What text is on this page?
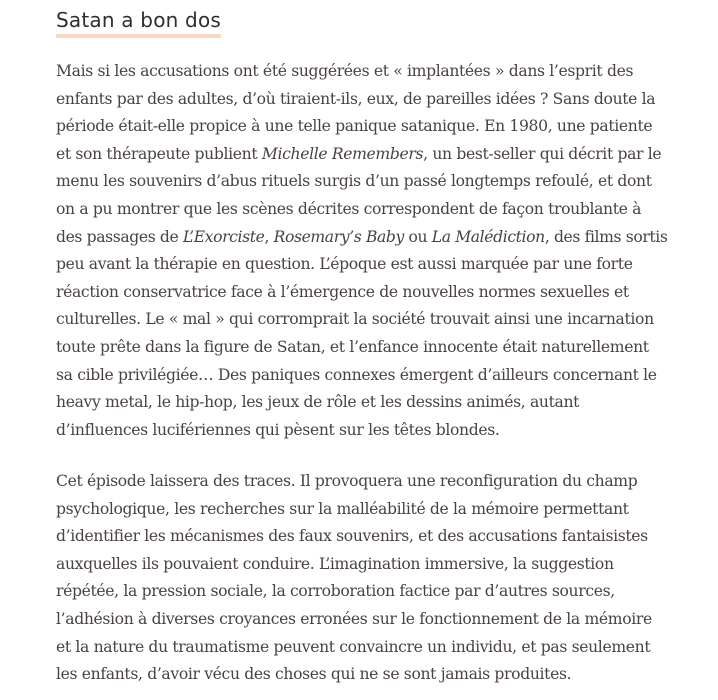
Satan a bon dos

Mais si les accusations ont été suggérées et « implantées » dans l’esprit des
enfants par des adultes, d’où tiraient-ils, eux, de pareilles idées ? Sans doute la
période était-elle propice à une telle panique satanique. En 1980, une patiente
et son thérapeute publient Michelle Remembers, un best-seller qui décrit par le
menu les souvenirs d’abus rituels surgis d’un passé longtemps refoulé, et dont
on a pu montrer que les scènes décrites correspondent de façon troublante à
des passages de L’Exorciste, Rosemary’s Baby ou La Malédiction, des films sortis
peu avant la thérapie en question. L’époque est aussi marquée par une forte
réaction conservatrice face à l’émergence de nouvelles normes sexuelles et
culturelles. Le « mal » qui corromprait la société trouvait ainsi une incarnation
toute prête dans la figure de Satan, et l’enfance innocente était naturellement
sa cible privilégiée… Des paniques connexes émergent d’ailleurs concernant le
heavy metal, le hip-hop, les jeux de rôle et les dessins animés, autant
d’influences lucifériennes qui pèsent sur les têtes blondes.

Cet épisode laissera des traces. Il provoquera une reconfiguration du champ
psychologique, les recherches sur la malléabilité de la mémoire permettant
d’identifier les mécanismes des faux souvenirs, et des accusations fantaisistes
auxquelles ils pouvaient conduire. L’imagination immersive, la suggestion
répétée, la pression sociale, la corroboration factice par d’autres sources,
l’adhésion à diverses croyances erronées sur le fonctionnement de la mémoire
et la nature du traumatisme peuvent convaincre un individu, et pas seulement
les enfants, d’avoir vécu des choses qui ne se sont jamais produites.
